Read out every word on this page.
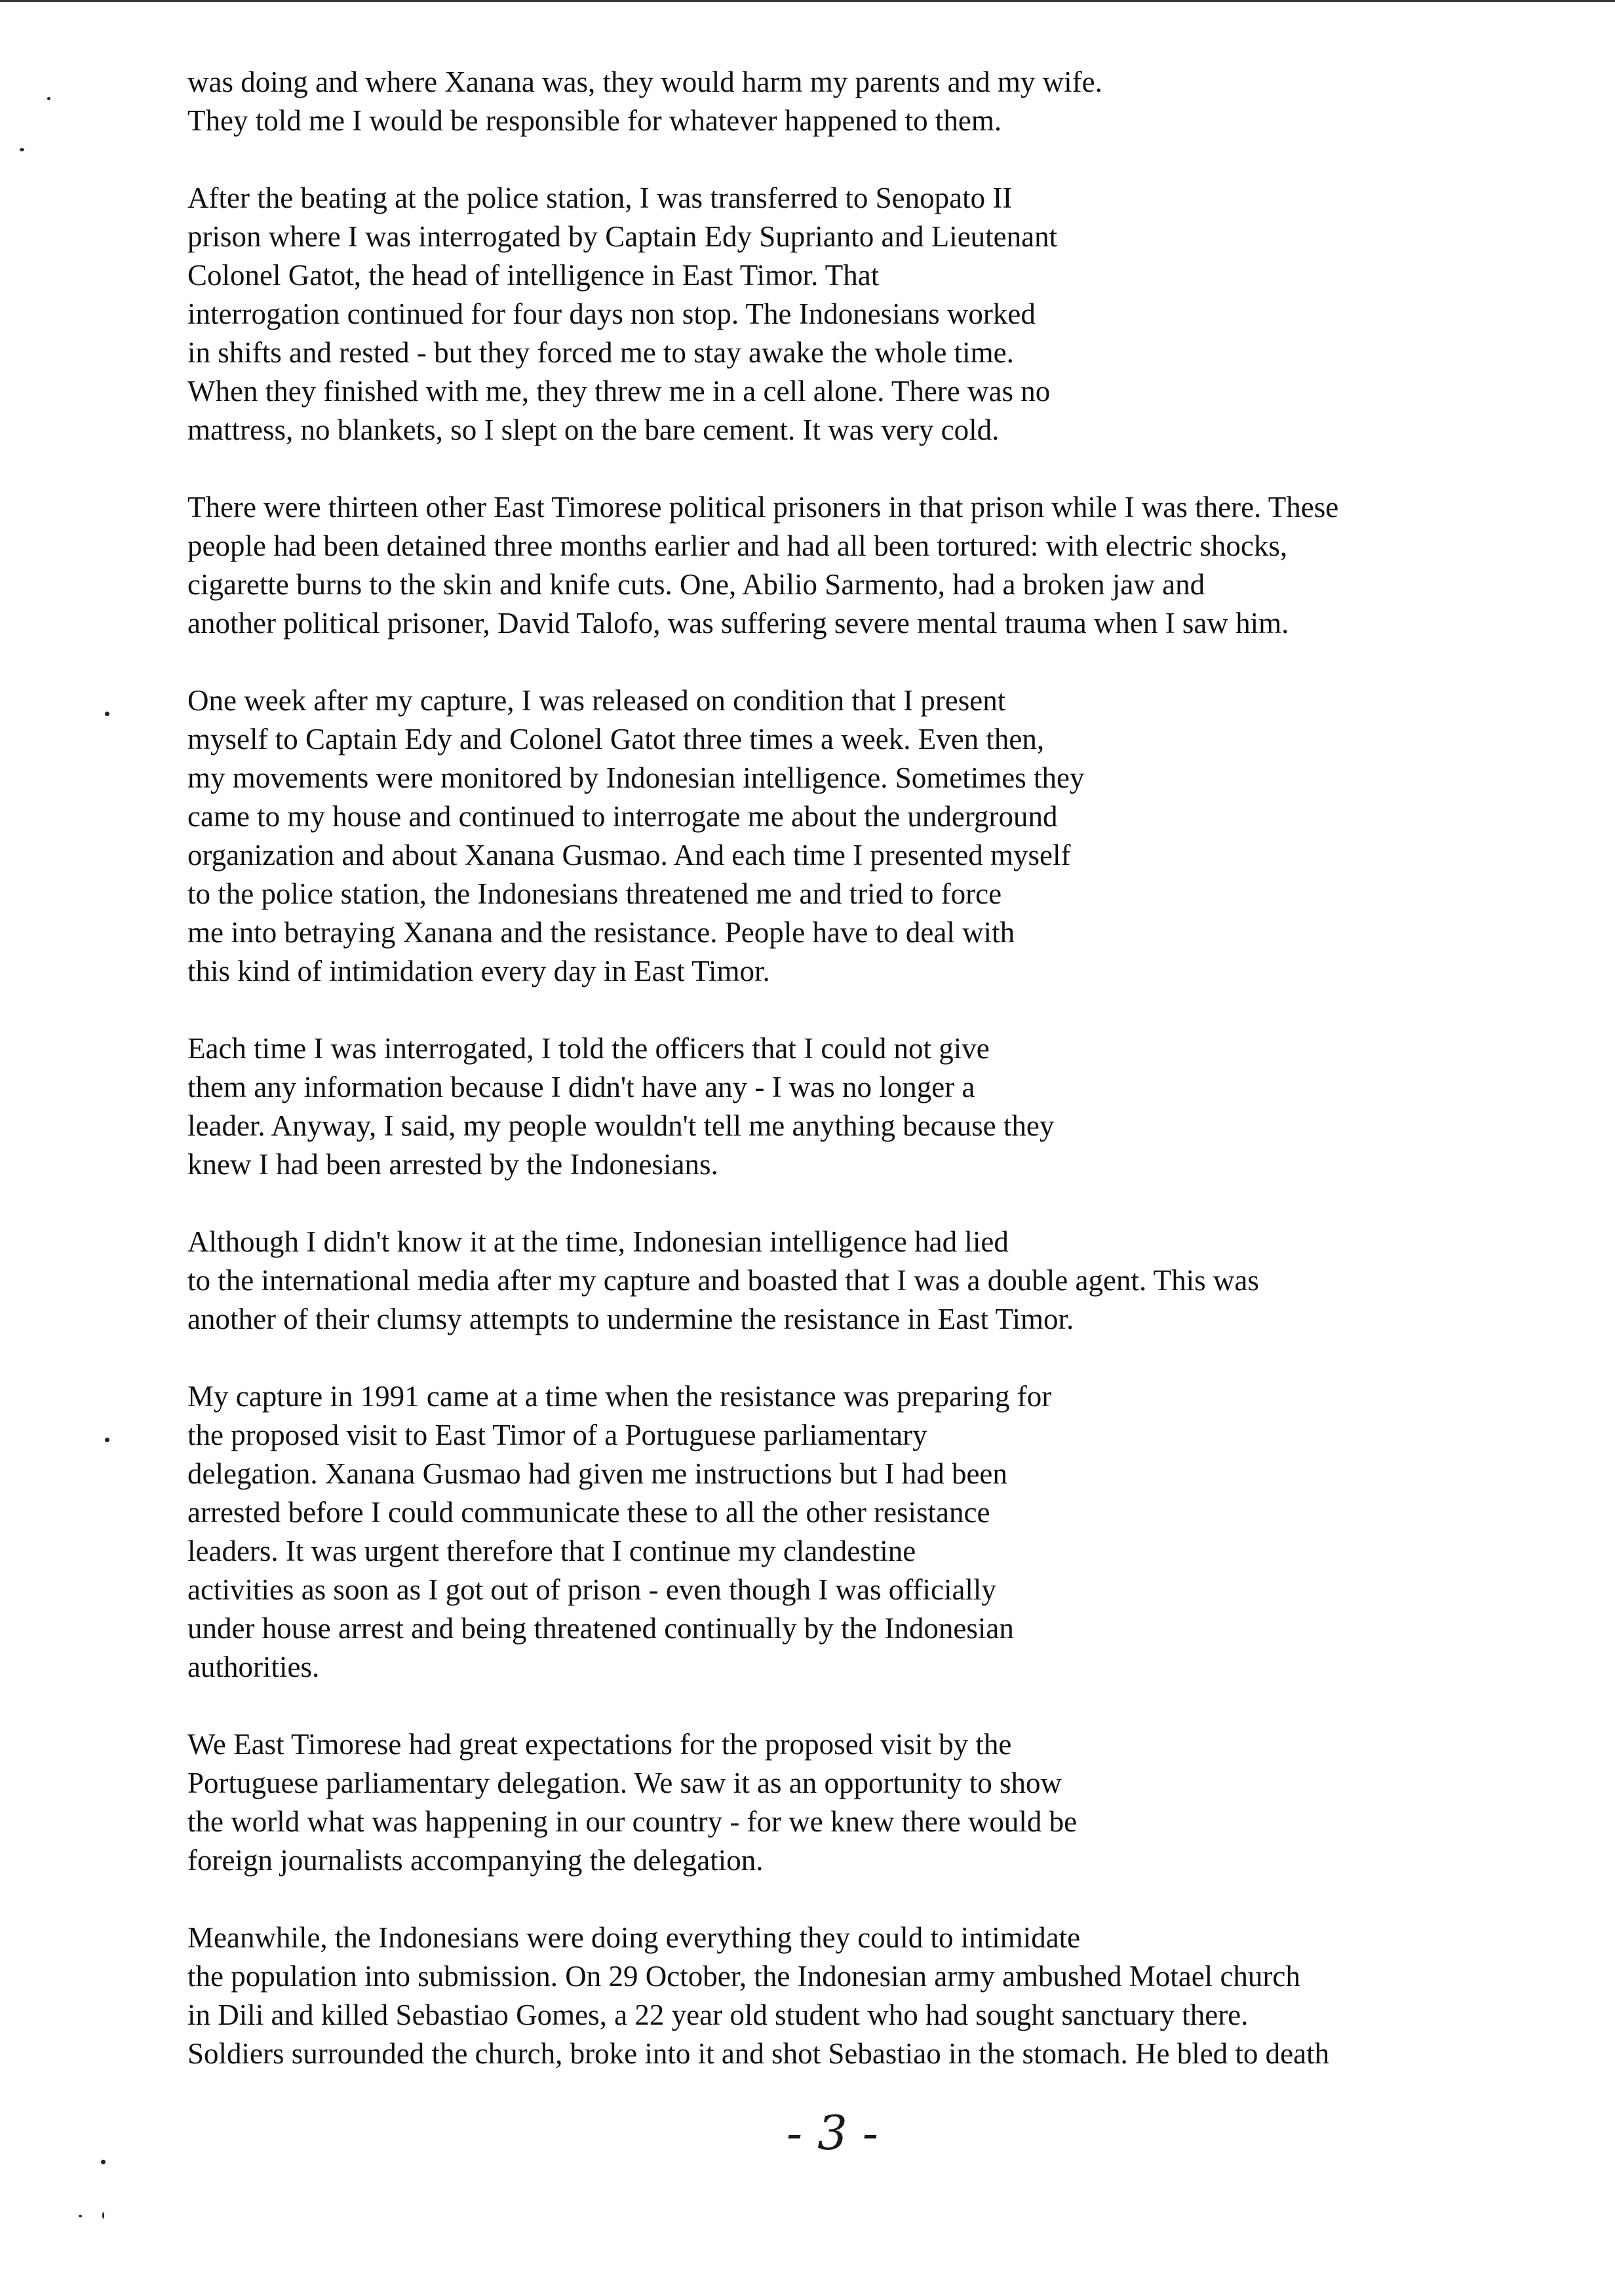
was doing and where Xanana was, they would harm my parents and my wife.
They told me I would be responsible for whatever happened to them.
After the beating at the police station, I was transferred to Senopato II
prison where I was interrogated by Captain Edy Suprianto and Lieutenant
Colonel Gatot, the head of intelligence in East Timor. That
interrogation continued for four days non stop. The Indonesians worked
in shifts and rested - but they forced me to stay awake the whole time.
When they finished with me, they threw me in a cell alone. There was no
mattress, no blankets, so I slept on the bare cement. It was very cold.
There were thirteen other East Timorese political prisoners in that prison while I was there. These
people had been detained three months earlier and had all been tortured: with electric shocks,
cigarette burns to the skin and knife cuts. One, Abilio Sarmento, had a broken jaw and
another political prisoner, David Talofo, was suffering severe mental trauma when I saw him.
One week after my capture, I was released on condition that I present
myself to Captain Edy and Colonel Gatot three times a week. Even then,
my movements were monitored by Indonesian intelligence. Sometimes they
came to my house and continued to interrogate me about the underground
organization and about Xanana Gusmao. And each time I presented myself
to the police station, the Indonesians threatened me and tried to force
me into betraying Xanana and the resistance. People have to deal with
this kind of intimidation every day in East Timor.
Each time I was interrogated, I told the officers that I could not give
them any information because I didn't have any - I was no longer a
leader. Anyway, I said, my people wouldn't tell me anything because they
knew I had been arrested by the Indonesians.
Although I didn't know it at the time, Indonesian intelligence had lied
to the international media after my capture and boasted that I was a double agent. This was
another of their clumsy attempts to undermine the resistance in East Timor.
My capture in 1991 came at a time when the resistance was preparing for
the proposed visit to East Timor of a Portuguese parliamentary
delegation. Xanana Gusmao had given me instructions but I had been
arrested before I could communicate these to all the other resistance
leaders. It was urgent therefore that I continue my clandestine
activities as soon as I got out of prison - even though I was officially
under house arrest and being threatened continually by the Indonesian
authorities.
We East Timorese had great expectations for the proposed visit by the
Portuguese parliamentary delegation. We saw it as an opportunity to show
the world what was happening in our country - for we knew there would be
foreign journalists accompanying the delegation.
Meanwhile, the Indonesians were doing everything they could to intimidate
the population into submission. On 29 October, the Indonesian army ambushed Motael church
in Dili and killed Sebastiao Gomes, a 22 year old student who had sought sanctuary there.
Soldiers surrounded the church, broke into it and shot Sebastiao in the stomach. He bled to death
- 3 -
